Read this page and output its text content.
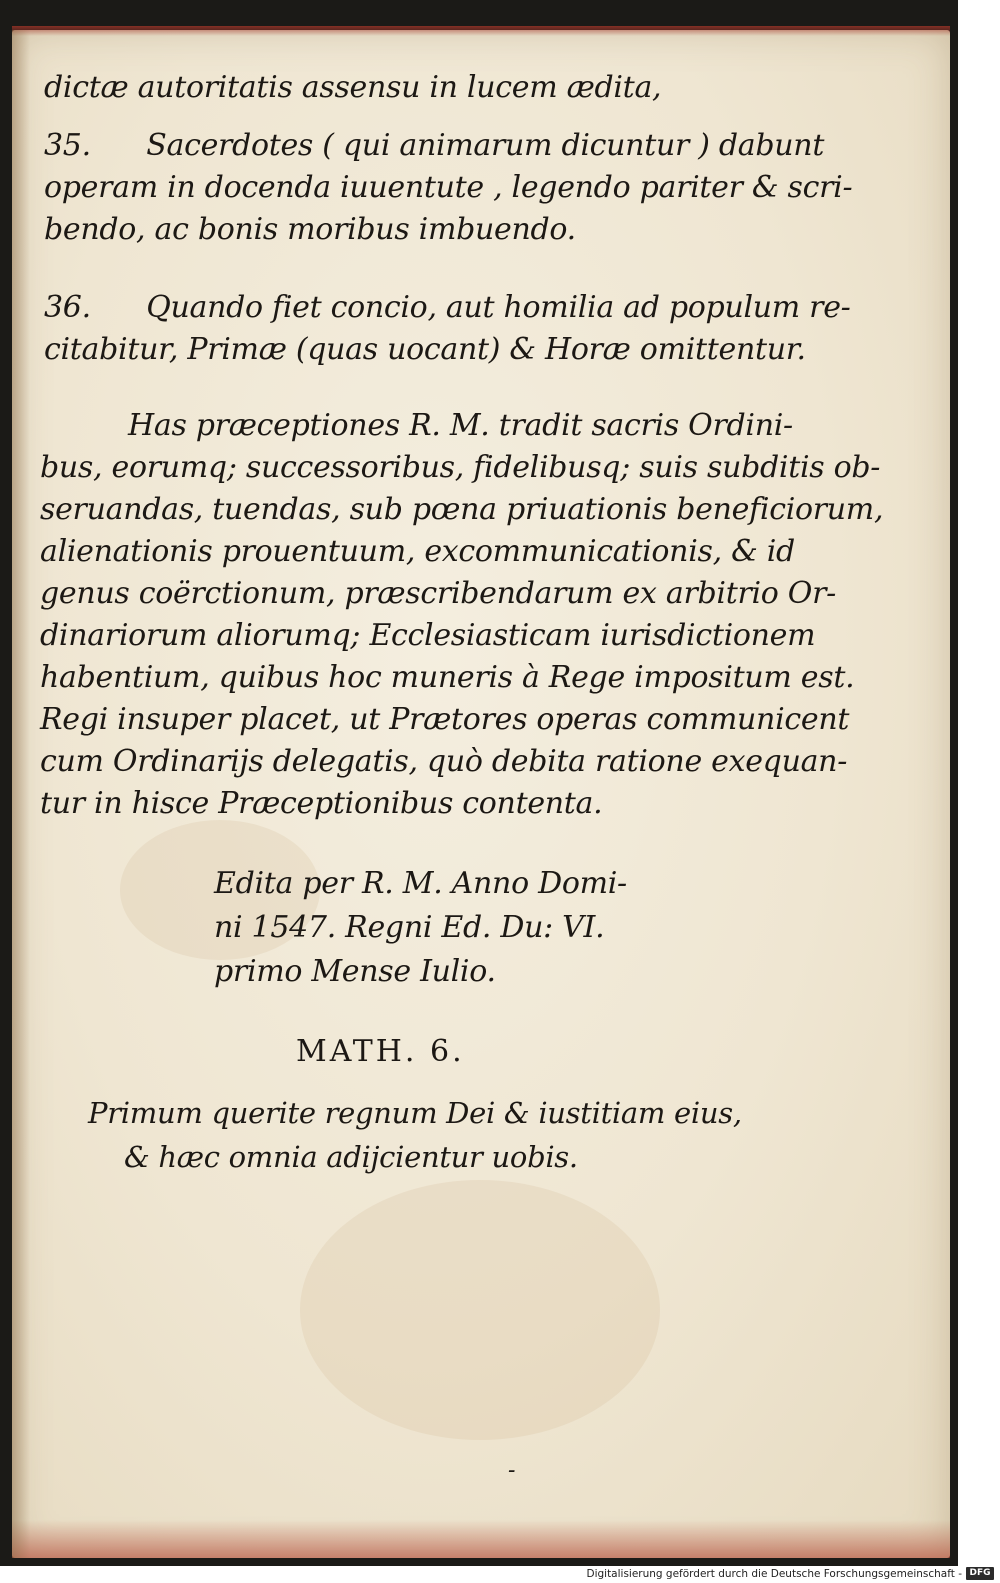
dictæ autoritatis assensu in lucem ædita,
35.      Sacerdotes ( qui animarum dicuntur ) dabunt
operam in docenda iuuentute , legendo pariter & scri-
bendo, ac bonis moribus imbuendo.
36.      Quando fiet concio, aut homilia ad populum re-
citabitur, Primæ (quas uocant) & Horæ omittentur.
Has præceptiones R. M. tradit sacris Ordini-
bus, eorumq; successoribus, fidelibusq; suis subditis ob-
seruandas, tuendas, sub pœna priuationis beneficiorum,
alienationis prouentuum, excommunicationis, & id
genus coërctionum, præscribendarum ex arbitrio Or-
dinariorum aliorumq; Ecclesiasticam iurisdictionem
habentium, quibus hoc muneris à Rege impositum est.
Regi insuper placet, ut Prætores operas communicent
cum Ordinarijs delegatis, quò debita ratione exequan-
tur in hisce Præceptionibus contenta.
Edita per R. M. Anno Domi-
ni 1547. Regni Ed. Du: VI.
primo Mense Iulio.
MATH. 6.
Primum querite regnum Dei & iustitiam eius,
& hæc omnia adijcientur uobis.
-
Digitalisierung gefördert durch die Deutsche Forschungsgemeinschaft - DFG
